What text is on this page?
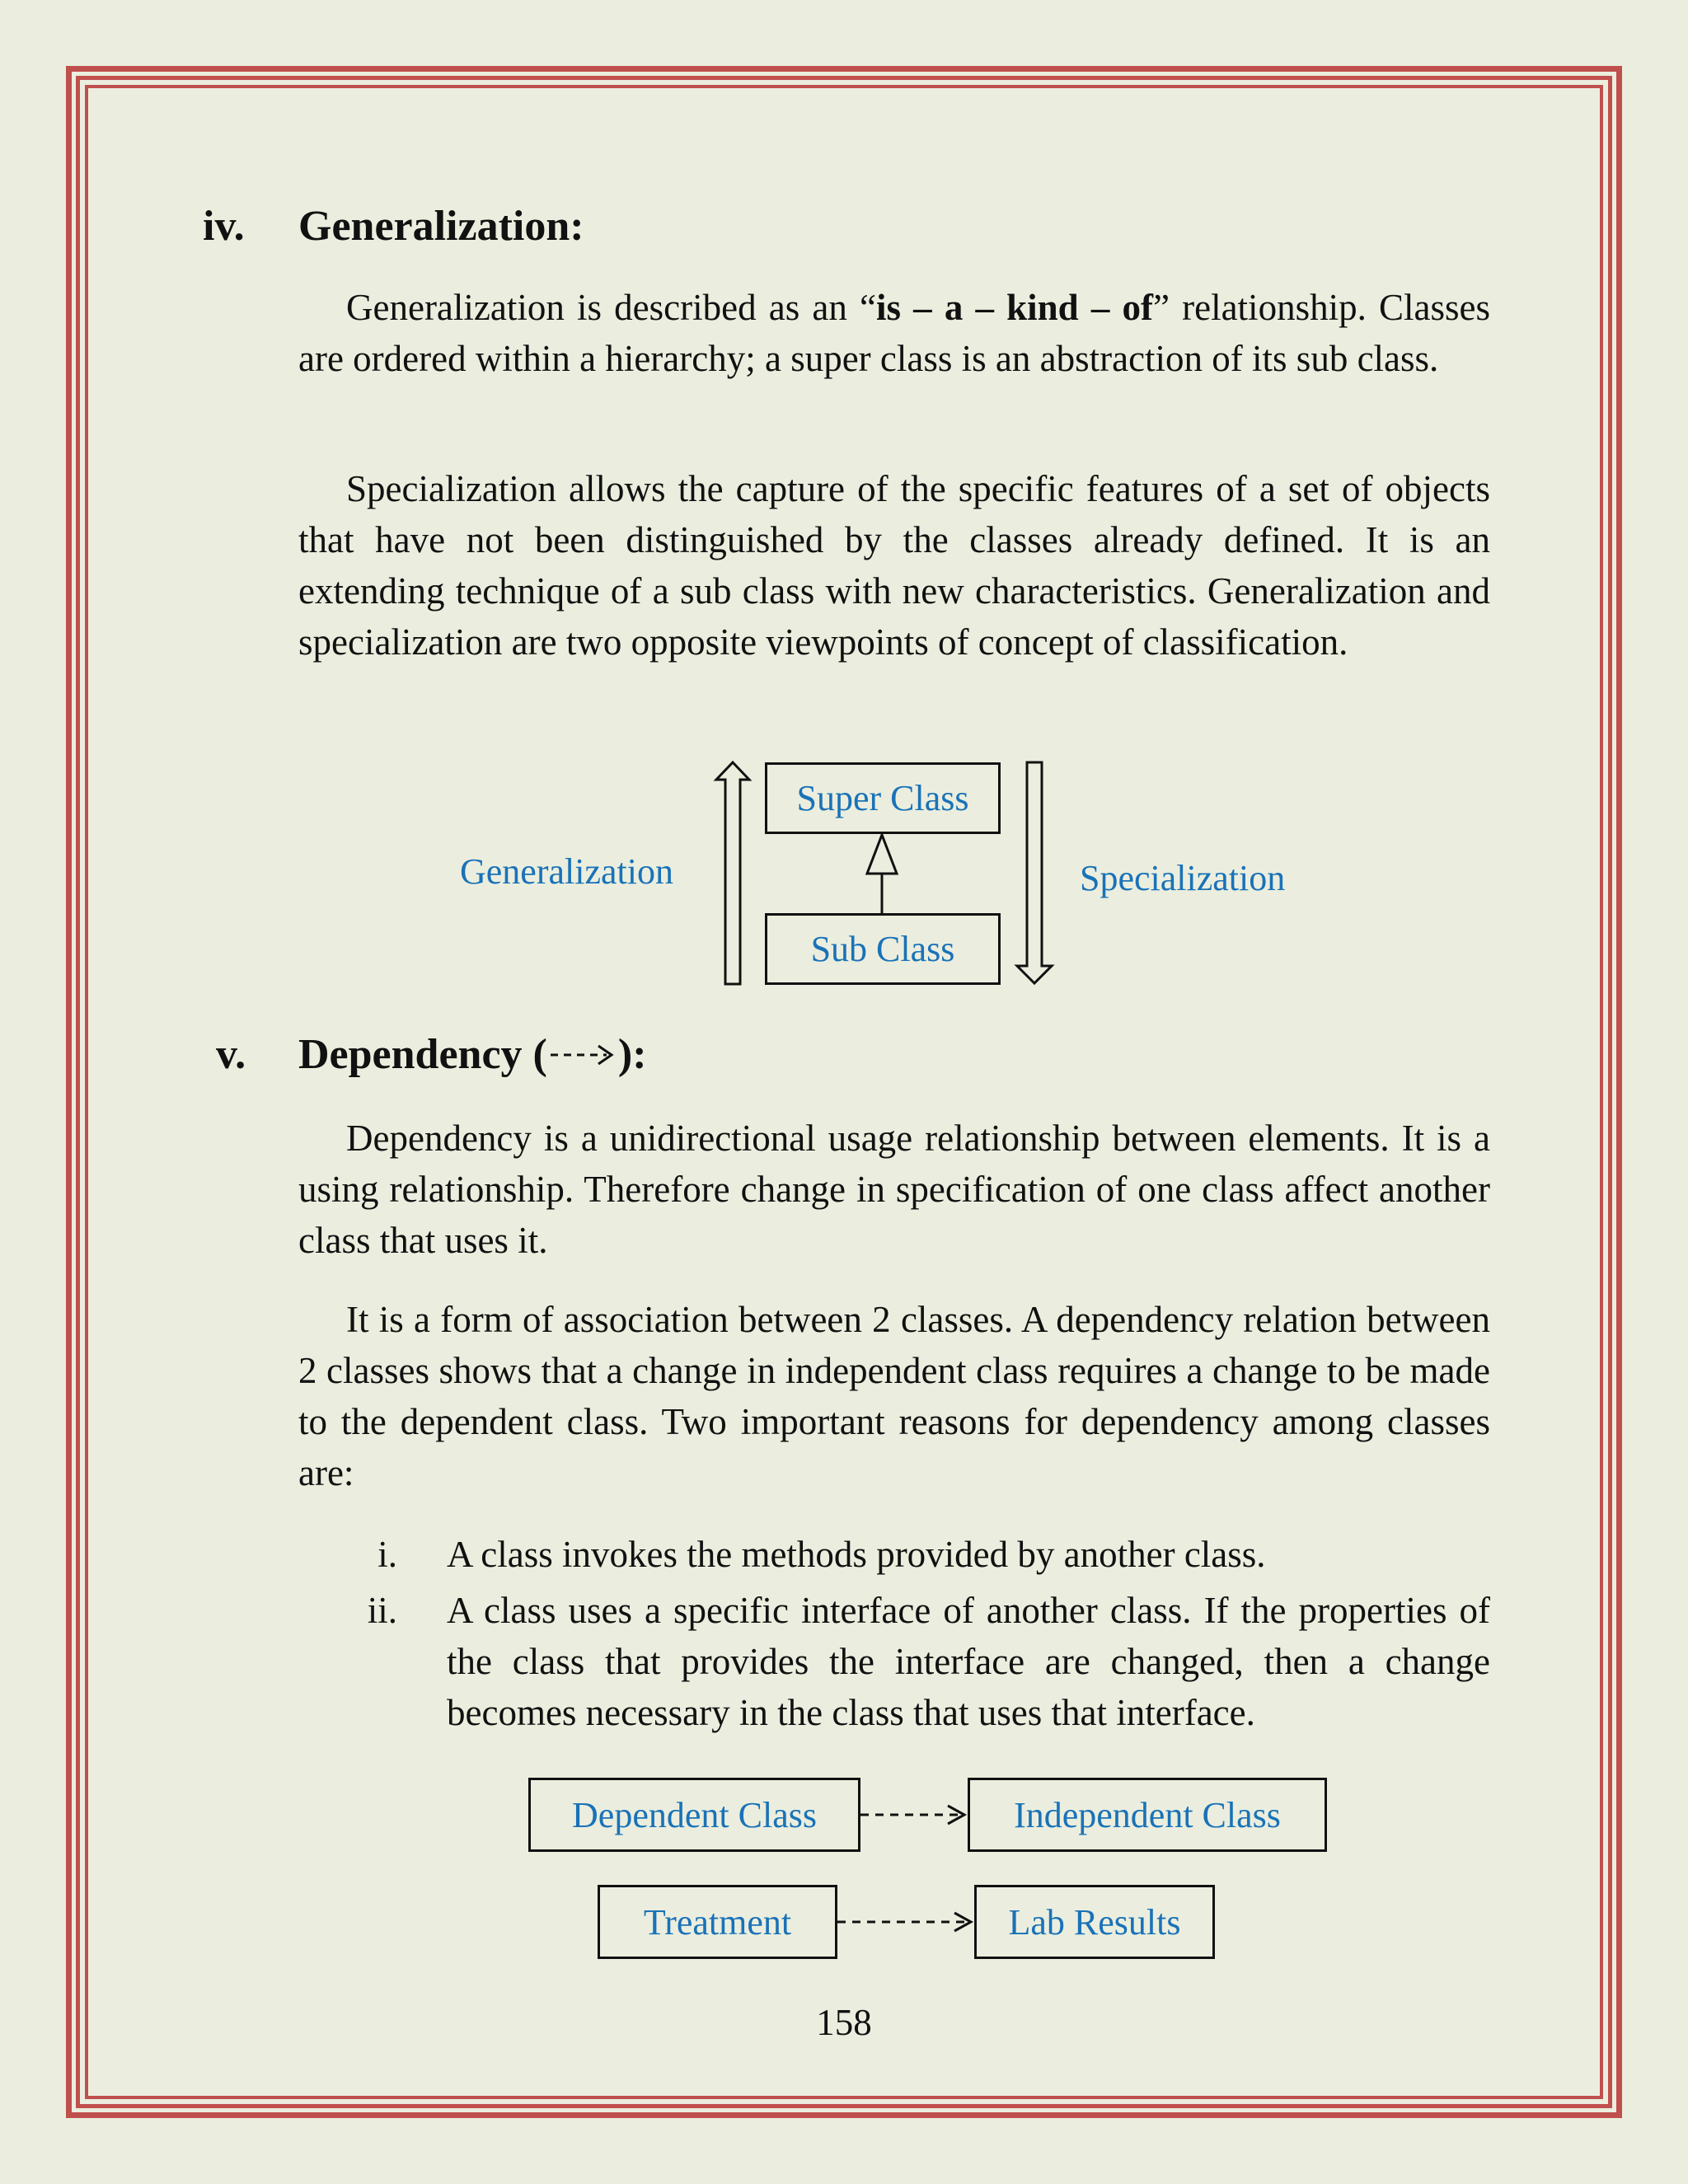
iv. Generalization:

Generalization is described as an “is – a – kind – of” relationship. Classes are ordered within a hierarchy; a super class is an abstraction of its sub class.

Specialization allows the capture of the specific features of a set of objects that have not been distinguished by the classes already defined. It is an extending technique of a sub class with new characteristics. Generalization and specialization are two opposite viewpoints of concept of classification.

Generalization	Specialization
Super Class
Sub Class
v. Dependency ( ):

Dependency is a unidirectional usage relationship between elements. It is a using relationship. Therefore change in specification of one class affect another class that uses it.

It is a form of association between 2 classes. A dependency relation between 2 classes shows that a change in independent class requires a change to be made to the dependent class. Two important reasons for dependency among classes are:

i. A class invokes the methods provided by another class.
ii. A class uses a specific interface of another class. If the properties of the class that provides the interface are changed, then a change becomes necessary in the class that uses that interface.
Dependent Class	Independent Class
Treatment	Lab Results
158
